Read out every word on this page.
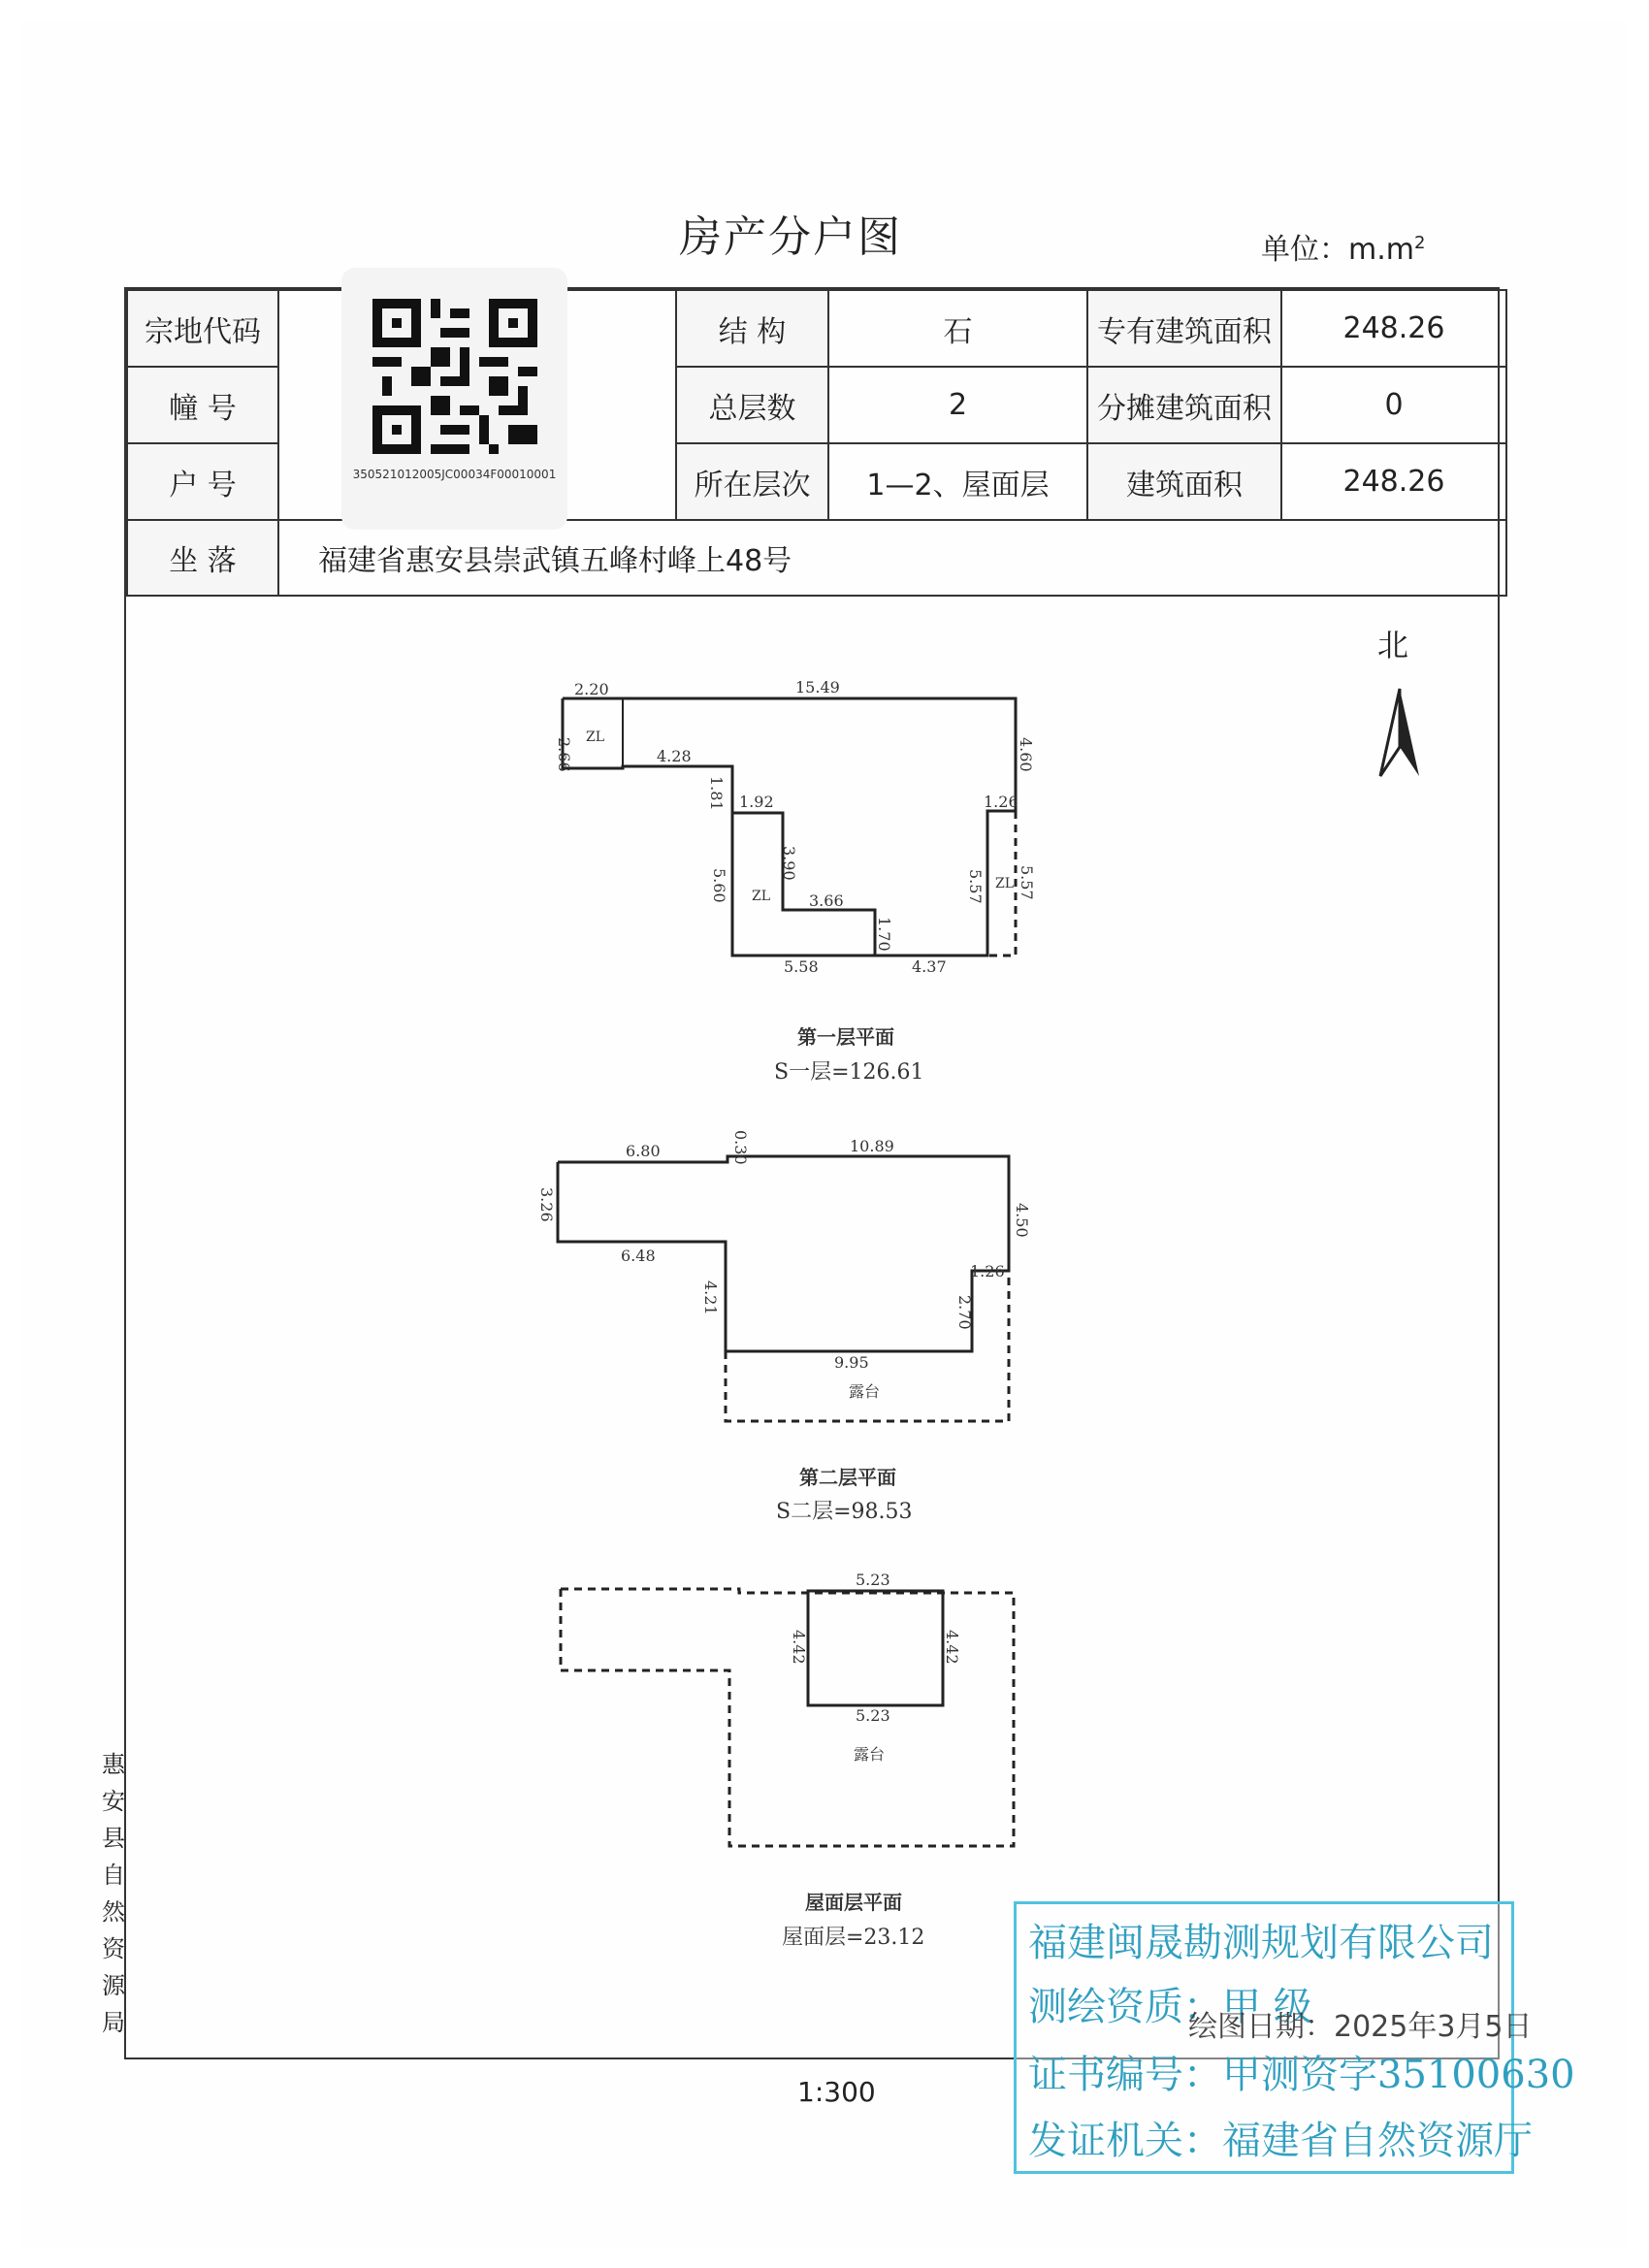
房产分户图	单位：$m.m^2$
宗地代码		结 构	石	专有建筑面积	248.26
幢 号		总层数	2	分摊建筑面积	0
户 号		所在层次	1—2、屋面层	建筑面积	248.26
坐 落	福建省惠安县崇武镇五峰村峰上48号				
350521012005JC00034F00010001
北
2.20	15.49
2.66	4.28
1.81 1.92
3.90
5.60	3.66
1.70
5.58	4.37
4.60
1.26
5.57 5.57
ZL
ZL
ZL
第一层平面
S一层=126.61
6.80	0.30	10.89
3.26
6.48
4.21
4.50
1.26
2.70
9.95
露台
第二层平面
S二层=98.53
5.23
4.42	4.42
5.23
露台
屋面层平面
屋面层=23.12
惠
安
县
自
然
资
源
局
1:300
福建闽晟勘测规划有限公司
测绘资质：甲 级
证书编号：甲测资字35100630
发证机关：福建省自然资源厅
绘图日期：2025年3月5日
